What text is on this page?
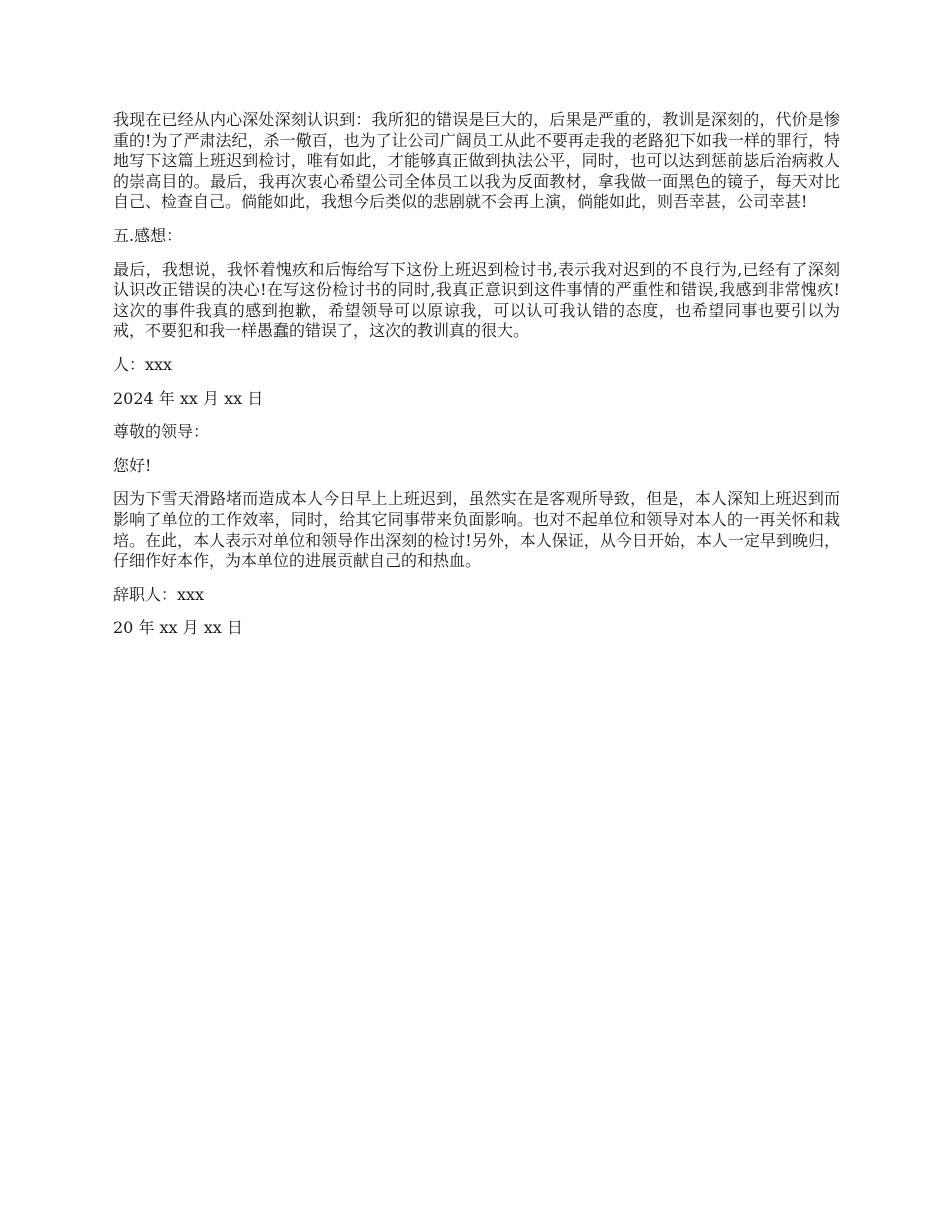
我现在已经从内心深处深刻认识到：我所犯的错误是巨大的，后果是严重的，教训是深刻的，代价是惨重的!为了严肃法纪，杀一儆百，也为了让公司广阔员工从此不要再走我的老路犯下如我一样的罪行，特地写下这篇上班迟到检讨，唯有如此，才能够真正做到执法公平，同时，也可以达到惩前毖后治病救人的崇高目的。最后，我再次衷心希望公司全体员工以我为反面教材，拿我做一面黑色的镜子，每天对比自己、检查自己。倘能如此，我想今后类似的悲剧就不会再上演，倘能如此，则吾幸甚，公司幸甚!

五.感想：

最后，我想说，我怀着愧疚和后悔给写下这份上班迟到检讨书,表示我对迟到的不良行为,已经有了深刻认识改正错误的决心!在写这份检讨书的同时,我真正意识到这件事情的严重性和错误,我感到非常愧疚!这次的事件我真的感到抱歉，希望领导可以原谅我，可以认可我认错的态度，也希望同事也要引以为戒，不要犯和我一样愚蠢的错误了，这次的教训真的很大。

人：xxx

2024 年 xx 月 xx 日

尊敬的领导：

您好!

因为下雪天滑路堵而造成本人今日早上上班迟到，虽然实在是客观所导致，但是，本人深知上班迟到而影响了单位的工作效率，同时，给其它同事带来负面影响。也对不起单位和领导对本人的一再关怀和栽培。在此，本人表示对单位和领导作出深刻的检讨!另外，本人保证，从今日开始，本人一定早到晚归，仔细作好本作，为本单位的进展贡献自己的和热血。

辞职人：xxx

20 年 xx 月 xx 日
